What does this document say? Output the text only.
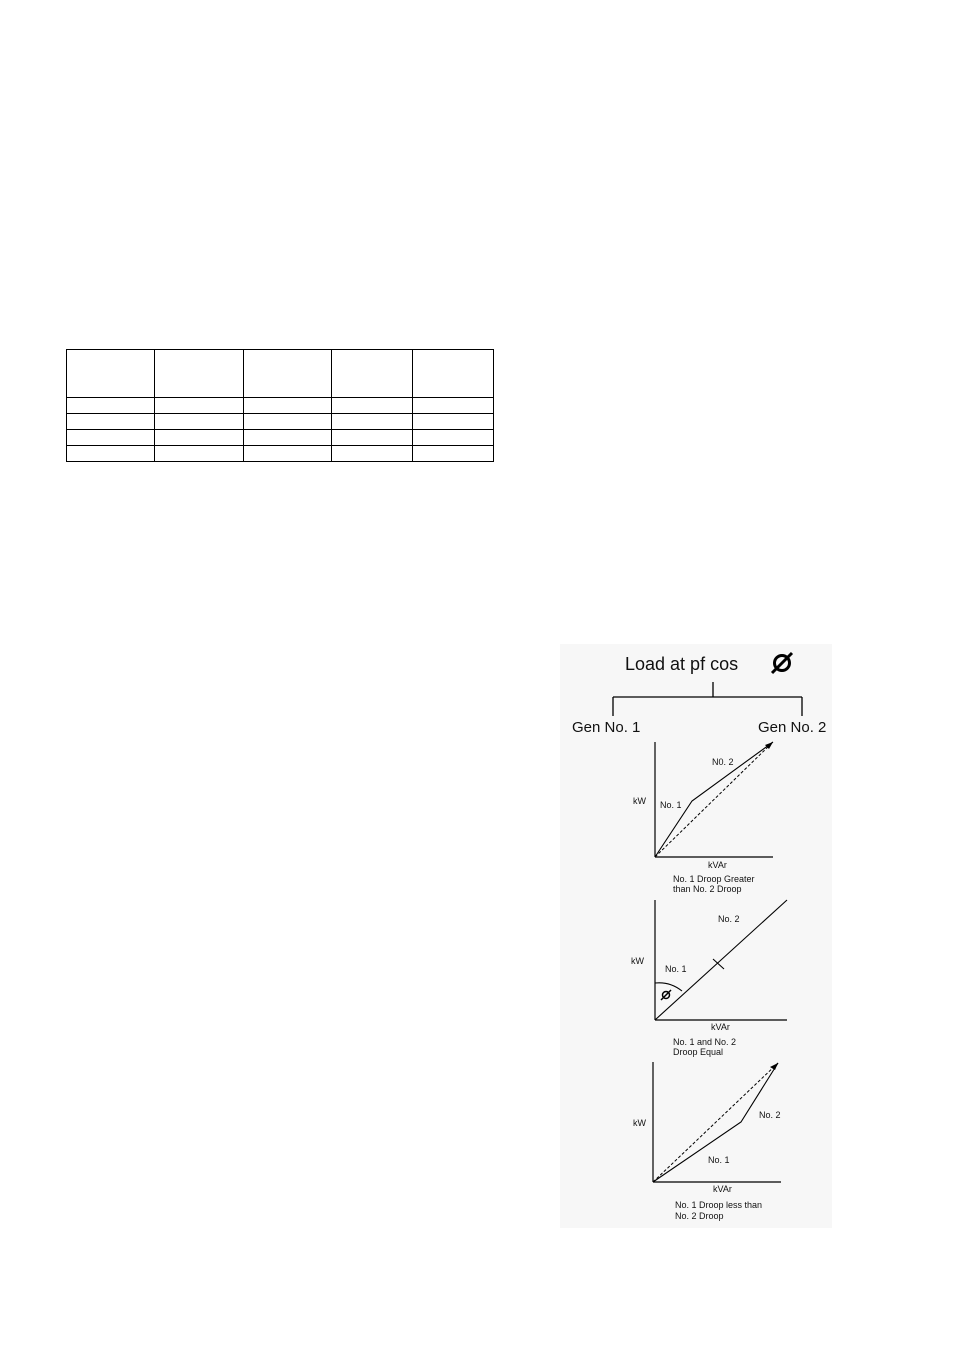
Load at pf cos
Gen No. 1	Gen No. 2
kW
kVAr
No. 1
N0. 2
No. 1 Droop Greater
than No. 2 Droop
kW
kVAr
No. 1
No. 2
No. 1 and No. 2
Droop Equal
kW
kVAr
No. 1
No. 2
No. 1 Droop less than
No. 2 Droop
